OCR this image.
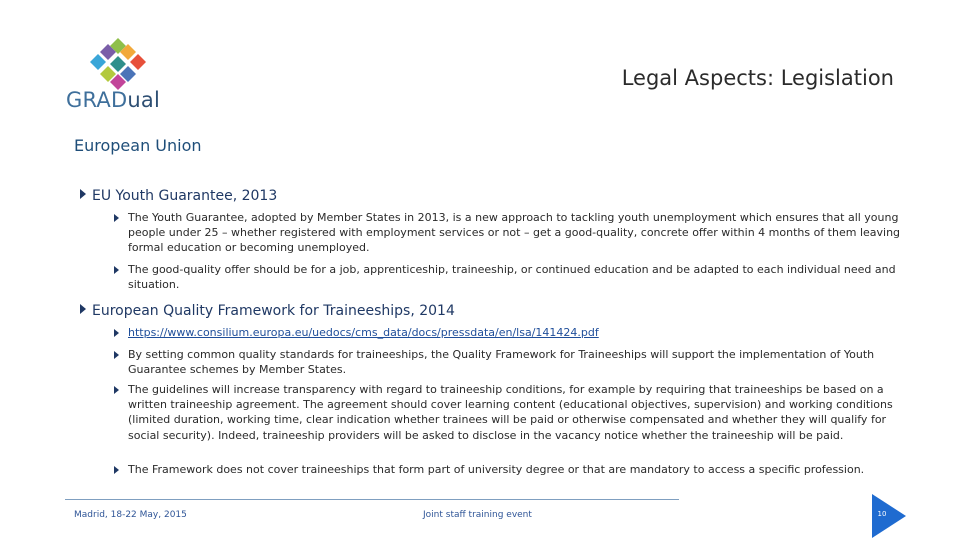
GRADual
Legal Aspects: Legislation
European Union
EU Youth Guarantee, 2013
The Youth Guarantee, adopted by Member States in 2013, is a new approach to tackling youth unemployment which ensures that all young people under 25 – whether registered with employment services or not – get a good-quality, concrete offer within 4 months of them leaving formal education or becoming unemployed.
The good-quality offer should be for a job, apprenticeship, traineeship, or continued education and be adapted to each individual need and situation.
European Quality Framework for Traineeships, 2014
https://www.consilium.europa.eu/uedocs/cms_data/docs/pressdata/en/lsa/141424.pdf
By setting common quality standards for traineeships, the Quality Framework for Traineeships will support the implementation of Youth Guarantee schemes by Member States.
The guidelines will increase transparency with regard to traineeship conditions, for example by requiring that traineeships be based on a written traineeship agreement. The agreement should cover learning content (educational objectives, supervision) and working conditions (limited duration, working time, clear indication whether trainees will be paid or otherwise compensated and whether they will qualify for social security). Indeed, traineeship providers will be asked to disclose in the vacancy notice whether the traineeship will be paid.
The Framework does not cover traineeships that form part of university degree or that are mandatory to access a specific profession.
Madrid, 18-22 May, 2015	Joint staff training event	10
